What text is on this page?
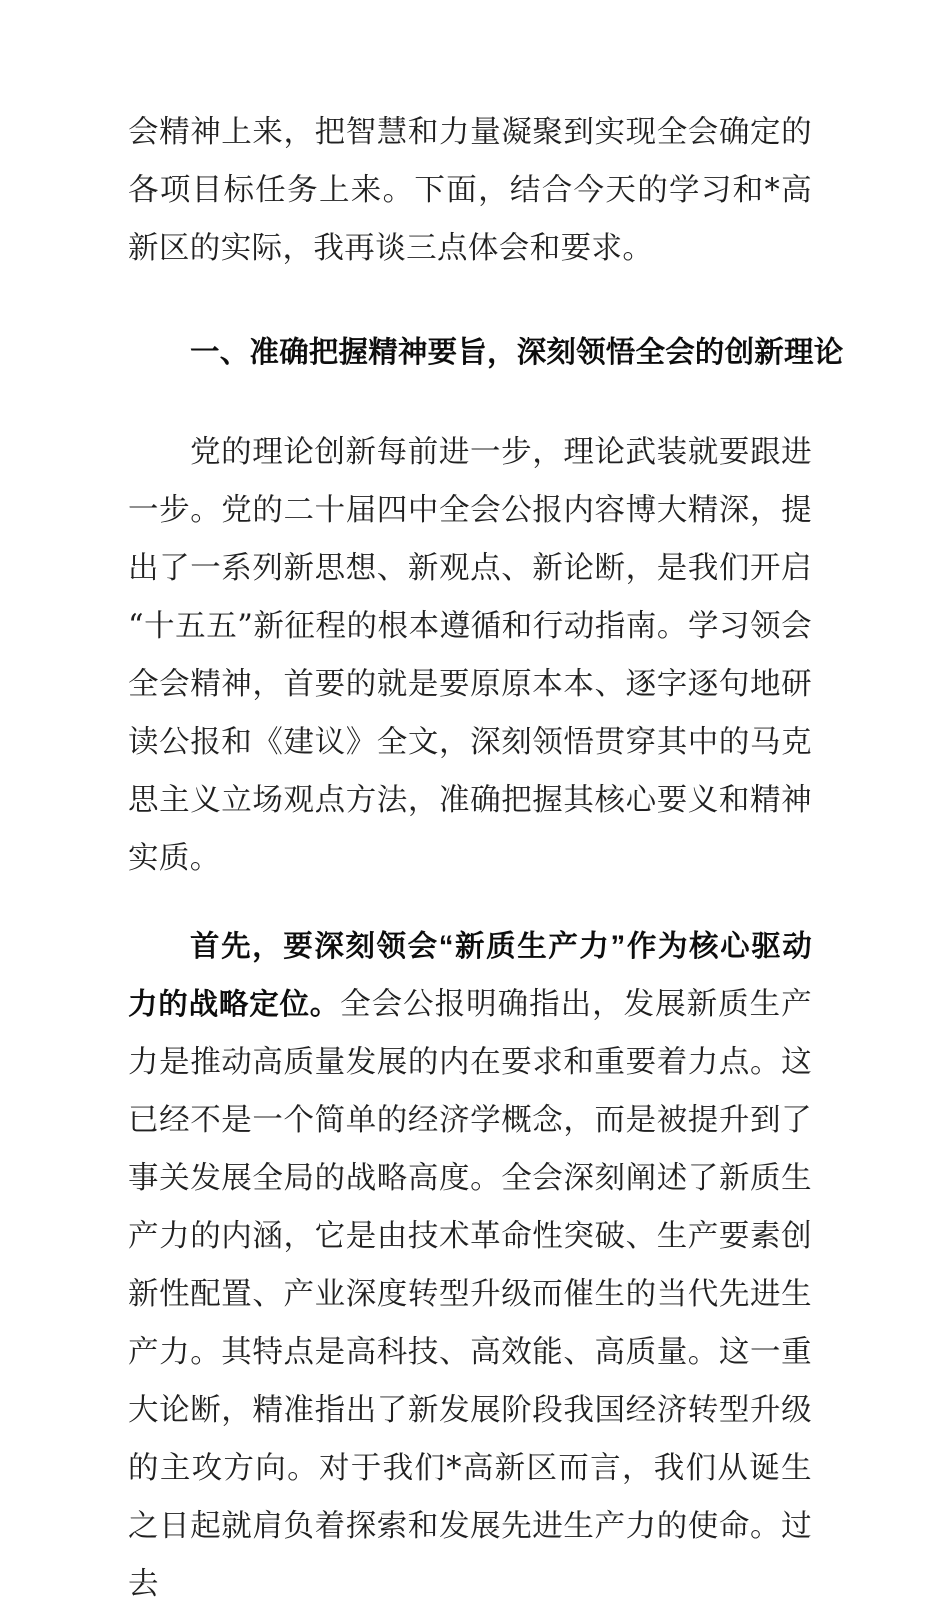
会精神上来，把智慧和力量凝聚到实现全会确定的各项目标任务上来。下面，结合今天的学习和*高新区的实际，我再谈三点体会和要求。

一、准确把握精神要旨，深刻领悟全会的创新理论

党的理论创新每前进一步，理论武装就要跟进一步。党的二十届四中全会公报内容博大精深，提出了一系列新思想、新观点、新论断，是我们开启“十五五”新征程的根本遵循和行动指南。学习领会全会精神，首要的就是要原原本本、逐字逐句地研读公报和《建议》全文，深刻领悟贯穿其中的马克思主义立场观点方法，准确把握其核心要义和精神实质。

首先，要深刻领会“新质生产力”作为核心驱动力的战略定位。全会公报明确指出，发展新质生产力是推动高质量发展的内在要求和重要着力点。这已经不是一个简单的经济学概念，而是被提升到了事关发展全局的战略高度。全会深刻阐述了新质生产力的内涵，它是由技术革命性突破、生产要素创新性配置、产业深度转型升级而催生的当代先进生产力。其特点是高科技、高效能、高质量。这一重大论断，精准指出了新发展阶段我国经济转型升级的主攻方向。对于我们*高新区而言，我们从诞生之日起就肩负着探索和发展先进生产力的使命。过去
